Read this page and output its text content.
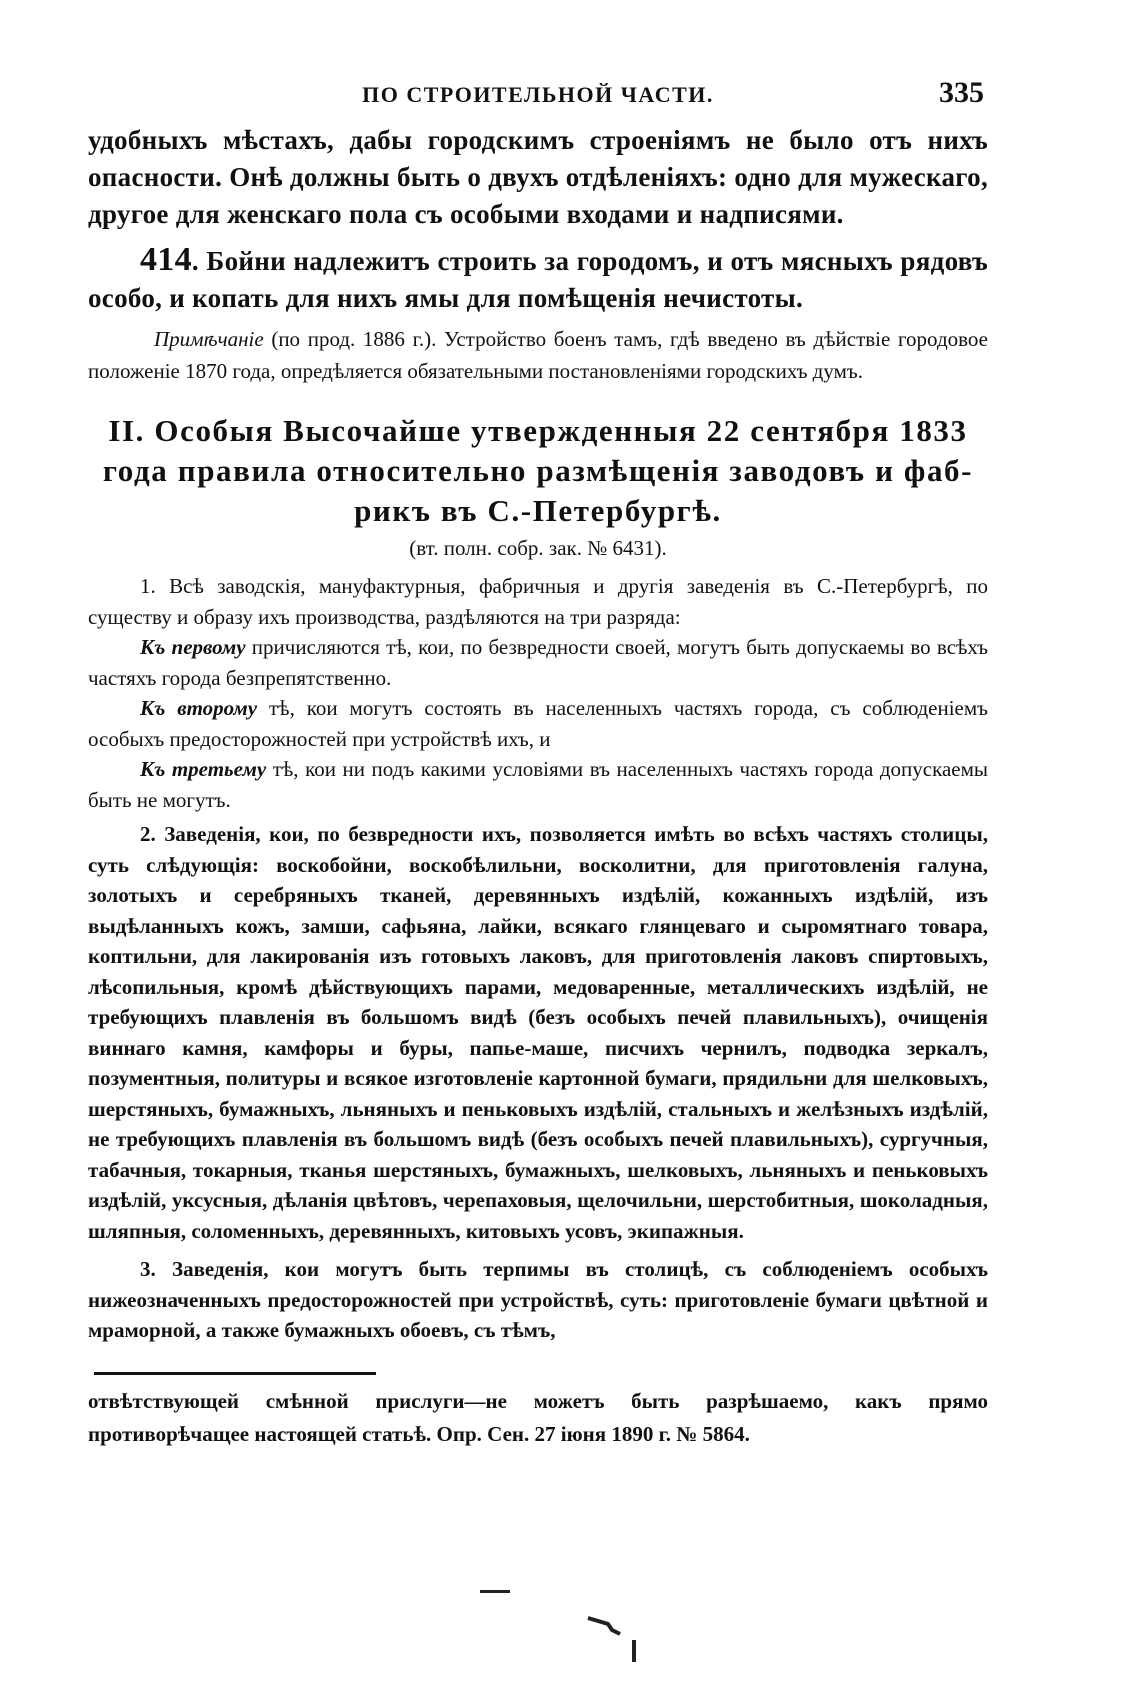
ПО СТРОИТЕЛЬНОЙ ЧАСТИ.	335

удобныхъ мѣстахъ, дабы городскимъ строеніямъ не было отъ нихъ опасности. Онѣ должны быть о двухъ отдѣленіяхъ: одно для мужескаго, другое для женскаго пола съ особыми входами и надписями.

414. Бойни надлежитъ строить за городомъ, и отъ мясныхъ рядовъ особо, и копать для нихъ ямы для помѣщенія нечистоты.

Примѣчаніе (по прод. 1886 г.). Устройство боенъ тамъ, гдѣ введено въ дѣйствіе городовое положеніе 1870 года, опредѣляется обязательными постановленіями городскихъ думъ.

II. Особыя Высочайше утвержденныя 22 сентября 1833
года правила относительно размѣщенія заводовъ и фаб-
рикъ въ С.-Петербургѣ.
(вт. полн. собр. зак. № 6431).

1. Всѣ заводскія, мануфактурныя, фабричныя и другія заведенія въ С.-Петербургѣ, по существу и образу ихъ производства, раздѣляются на три разряда:

Къ первому причисляются тѣ, кои, по безвредности своей, могутъ быть допускаемы во всѣхъ частяхъ города безпрепятственно.

Къ второму тѣ, кои могутъ состоять въ населенныхъ частяхъ города, съ соблюденіемъ особыхъ предосторожностей при устройствѣ ихъ, и

Къ третьему тѣ, кои ни подъ какими условіями въ населенныхъ частяхъ города допускаемы быть не могутъ.

2. Заведенія, кои, по безвредности ихъ, позволяется имѣть во всѣхъ частяхъ столицы, суть слѣдующія: воскобойни, воскобѣлильни, восколитни, для приготовленія галуна, золотыхъ и серебряныхъ тканей, деревянныхъ издѣлій, кожанныхъ издѣлій, изъ выдѣланныхъ кожъ, замши, сафьяна, лайки, всякаго глянцеваго и сыромятнаго товара, коптильни, для лакированія изъ готовыхъ лаковъ, для приготовленія лаковъ спиртовыхъ, лѣсопильныя, кромѣ дѣйствующихъ парами, медоваренные, металлическихъ издѣлій, не требующихъ плавленія въ большомъ видѣ (безъ особыхъ печей плавильныхъ), очищенія виннаго камня, камфоры и буры, папье-маше, писчихъ чернилъ, подводка зеркалъ, позументныя, политуры и всякое изготовленіе картонной бумаги, прядильни для шелковыхъ, шерстяныхъ, бумажныхъ, льняныхъ и пеньковыхъ издѣлій, стальныхъ и желѣзныхъ издѣлій, не требующихъ плавленія въ большомъ видѣ (безъ особыхъ печей плавильныхъ), сургучныя, табачныя, токарныя, тканья шерстяныхъ, бумажныхъ, шелковыхъ, льняныхъ и пеньковыхъ издѣлій, уксусныя, дѣланія цвѣтовъ, черепаховыя, щелочильни, шерстобитныя, шоколадныя, шляпныя, соломенныхъ, деревянныхъ, китовыхъ усовъ, экипажныя.

3. Заведенія, кои могутъ быть терпимы въ столицѣ, съ соблюденіемъ особыхъ нижеозначенныхъ предосторожностей при устройствѣ, суть: приготовленіе бумаги цвѣтной и мраморной, а также бумажныхъ обоевъ, съ тѣмъ,

отвѣтствующей смѣнной прислуги—не можетъ быть разрѣшаемо, какъ прямо противорѣчащее настоящей статьѣ. Опр. Сен. 27 іюня 1890 г. № 5864.
